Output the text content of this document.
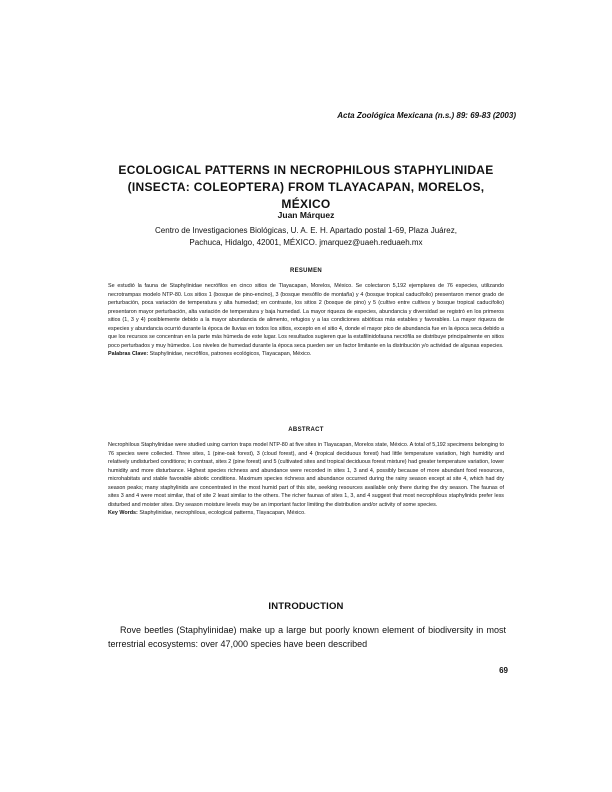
Acta Zoológica Mexicana (n.s.) 89: 69-83 (2003)
ECOLOGICAL PATTERNS IN NECROPHILOUS STAPHYLINIDAE
(INSECTA: COLEOPTERA) FROM TLAYACAPAN, MORELOS, MÉXICO
Juan Márquez
Centro de Investigaciones Biológicas, U. A. E. H. Apartado postal 1-69, Plaza Juárez,
Pachuca, Hidalgo, 42001, MÉXICO. jmarquez@uaeh.reduaeh.mx
RESUMEN
Se estudió la fauna de Staphylinidae necrófilos en cinco sitios de Tlayacapan, Morelos, México. Se colectaron 5,192 ejemplares de 76 especies, utilizando necrotrampas modelo NTP-80. Los sitios 1 (bosque de pino-encino), 3 (bosque mesófilo de montaña) y 4 (bosque tropical caducifolio) presentaron menor grado de perturbación, poca variación de temperatura y alta humedad; en contraste, los sitios 2 (bosque de pino) y 5 (cultivo entre cultivos y bosque tropical caducifolio) presentaron mayor perturbación, alta variación de temperatura y baja humedad. La mayor riqueza de especies, abundancia y diversidad se registró en los primeros sitios (1, 3 y 4) posiblemente debido a la mayor abundancia de alimento, refugios y a las condiciones abióticas más estables y favorables. La mayor riqueza de especies y abundancia ocurrió durante la época de lluvias en todos los sitios, excepto en el sitio 4, donde el mayor pico de abundancia fue en la época seca debido a que los recursos se concentran en la parte más húmeda de este lugar. Los resultados sugieren que la estafilinidofauna necrófila se distribuye principalmente en sitios poco perturbados y muy húmedos. Los niveles de humedad durante la época seca pueden ser un factor limitante en la distribución y/o actividad de algunas especies.
Palabras Clave: Staphylinidae, necrófilos, patrones ecológicos, Tlayacapan, México.
ABSTRACT
Necrophilous Staphylinidae were studied using carrion traps model NTP-80 at five sites in Tlayacapan, Morelos state, México. A total of 5,192 specimens belonging to 76 species were collected. Three sites, 1 (pine-oak forest), 3 (cloud forest), and 4 (tropical deciduous forest) had little temperature variation, high humidity and relatively undisturbed conditions; in contrast, sites 2 (pine forest) and 5 (cultivated sites and tropical deciduous forest mixture) had greater temperature variation, lower humidity and more disturbance. Highest species richness and abundance were recorded in sites 1, 3 and 4, possibly because of more abundant food resources, microhabitats and stable favorable abiotic conditions. Maximum species richness and abundance occurred during the rainy season except at site 4, which had dry season peaks; many staphylinids are concentrated in the most humid part of this site, seeking resources available only there during the dry season. The faunas of sites 3 and 4 were most similar, that of site 2 least similar to the others. The richer faunas of sites 1, 3, and 4 suggest that most necrophilous staphylinids prefer less disturbed and moister sites. Dry season moisture levels may be an important factor limiting the distribution and/or activity of some species.
Key Words: Staphylinidae, necrophilous, ecological patterns, Tlayacapan, México.
INTRODUCTION

Rove beetles (Staphylinidae) make up a large but poorly known element of biodiversity in most terrestrial ecosystems: over 47,000 species have been described

69
